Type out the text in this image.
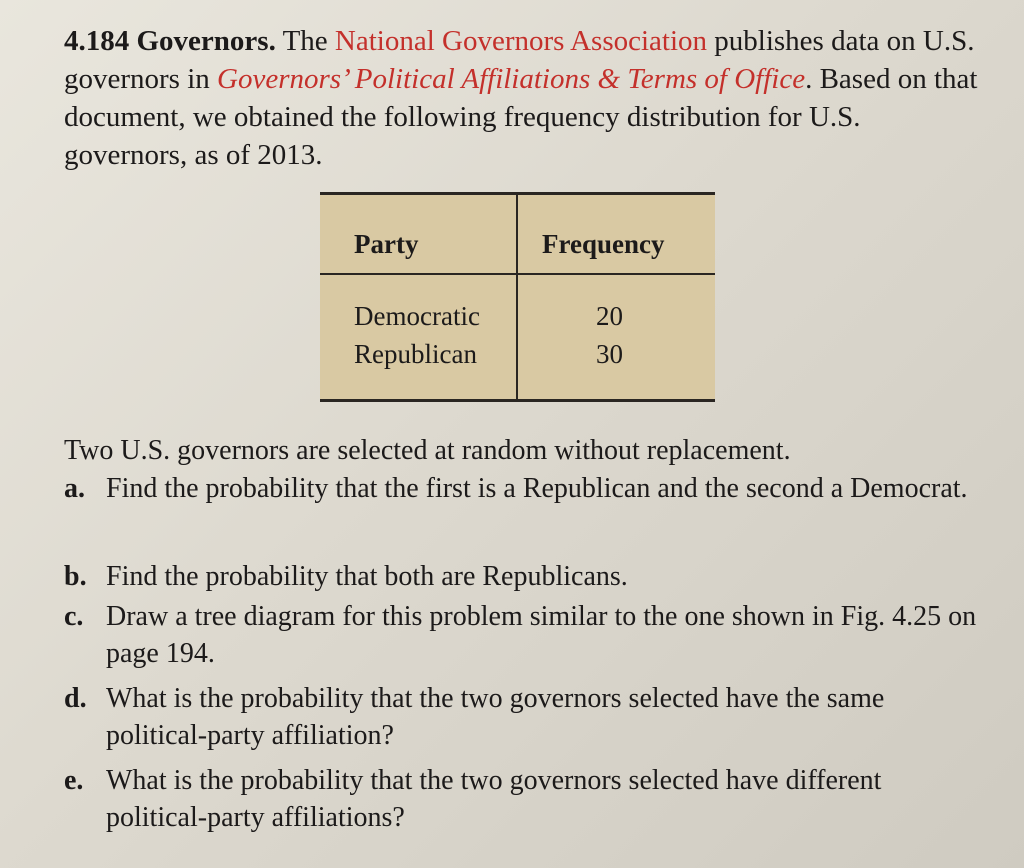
4.184 Governors. The National Governors Association publishes data on U.S. governors in Governors’ Political Affiliations & Terms of Office. Based on that document, we obtained the following frequency distribution for U.S. governors, as of 2013.

Party	Frequency
Democratic	20
Republican	30

Two U.S. governors are selected at random without replacement.

a. Find the probability that the first is a Republican and the second a Democrat.
b. Find the probability that both are Republicans.
c. Draw a tree diagram for this problem similar to the one shown in Fig. 4.25 on page 194.
d. What is the probability that the two governors selected have the same political-party affiliation?
e. What is the probability that the two governors selected have different political-party affiliations?
